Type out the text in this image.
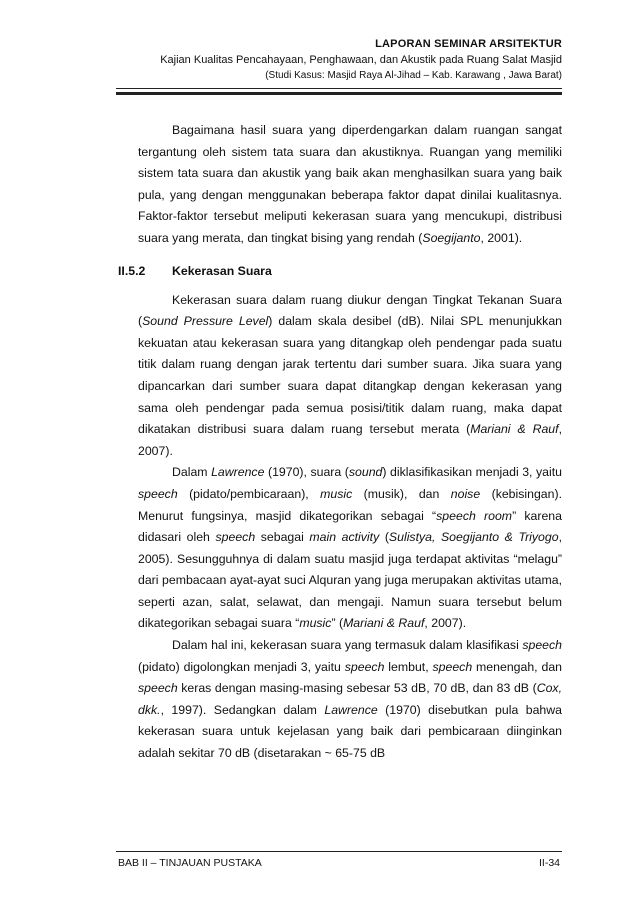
LAPORAN SEMINAR ARSITEKTUR
Kajian Kualitas Pencahayaan, Penghawaan, dan Akustik pada Ruang Salat Masjid
(Studi Kasus: Masjid Raya Al-Jihad – Kab. Karawang , Jawa Barat)

Bagaimana hasil suara yang diperdengarkan dalam ruangan sangat tergantung oleh sistem tata suara dan akustiknya. Ruangan yang memiliki sistem tata suara dan akustik yang baik akan menghasilkan suara yang baik pula, yang dengan menggunakan beberapa faktor dapat dinilai kualitasnya. Faktor-faktor tersebut meliputi kekerasan suara yang mencukupi, distribusi suara yang merata, dan tingkat bising yang rendah (Soegijanto, 2001).

II.5.2 Kekerasan Suara

Kekerasan suara dalam ruang diukur dengan Tingkat Tekanan Suara (Sound Pressure Level) dalam skala desibel (dB). Nilai SPL menunjukkan kekuatan atau kekerasan suara yang ditangkap oleh pendengar pada suatu titik dalam ruang dengan jarak tertentu dari sumber suara. Jika suara yang dipancarkan dari sumber suara dapat ditangkap dengan kekerasan yang sama oleh pendengar pada semua posisi/titik dalam ruang, maka dapat dikatakan distribusi suara dalam ruang tersebut merata (Mariani & Rauf, 2007).

Dalam Lawrence (1970), suara (sound) diklasifikasikan menjadi 3, yaitu speech (pidato/pembicaraan), music (musik), dan noise (kebisingan). Menurut fungsinya, masjid dikategorikan sebagai “speech room” karena didasari oleh speech sebagai main activity (Sulistya, Soegijanto & Triyogo, 2005). Sesungguhnya di dalam suatu masjid juga terdapat aktivitas “melagu” dari pembacaan ayat-ayat suci Alquran yang juga merupakan aktivitas utama, seperti azan, salat, selawat, dan mengaji. Namun suara tersebut belum dikategorikan sebagai suara “music” (Mariani & Rauf, 2007).

Dalam hal ini, kekerasan suara yang termasuk dalam klasifikasi speech (pidato) digolongkan menjadi 3, yaitu speech lembut, speech menengah, dan speech keras dengan masing-masing sebesar 53 dB, 70 dB, dan 83 dB (Cox, dkk., 1997). Sedangkan dalam Lawrence (1970) disebutkan pula bahwa kekerasan suara untuk kejelasan yang baik dari pembicaraan diinginkan adalah sekitar 70 dB (disetarakan ~ 65-75 dB

BAB II – TINJAUAN PUSTAKA	II-34
